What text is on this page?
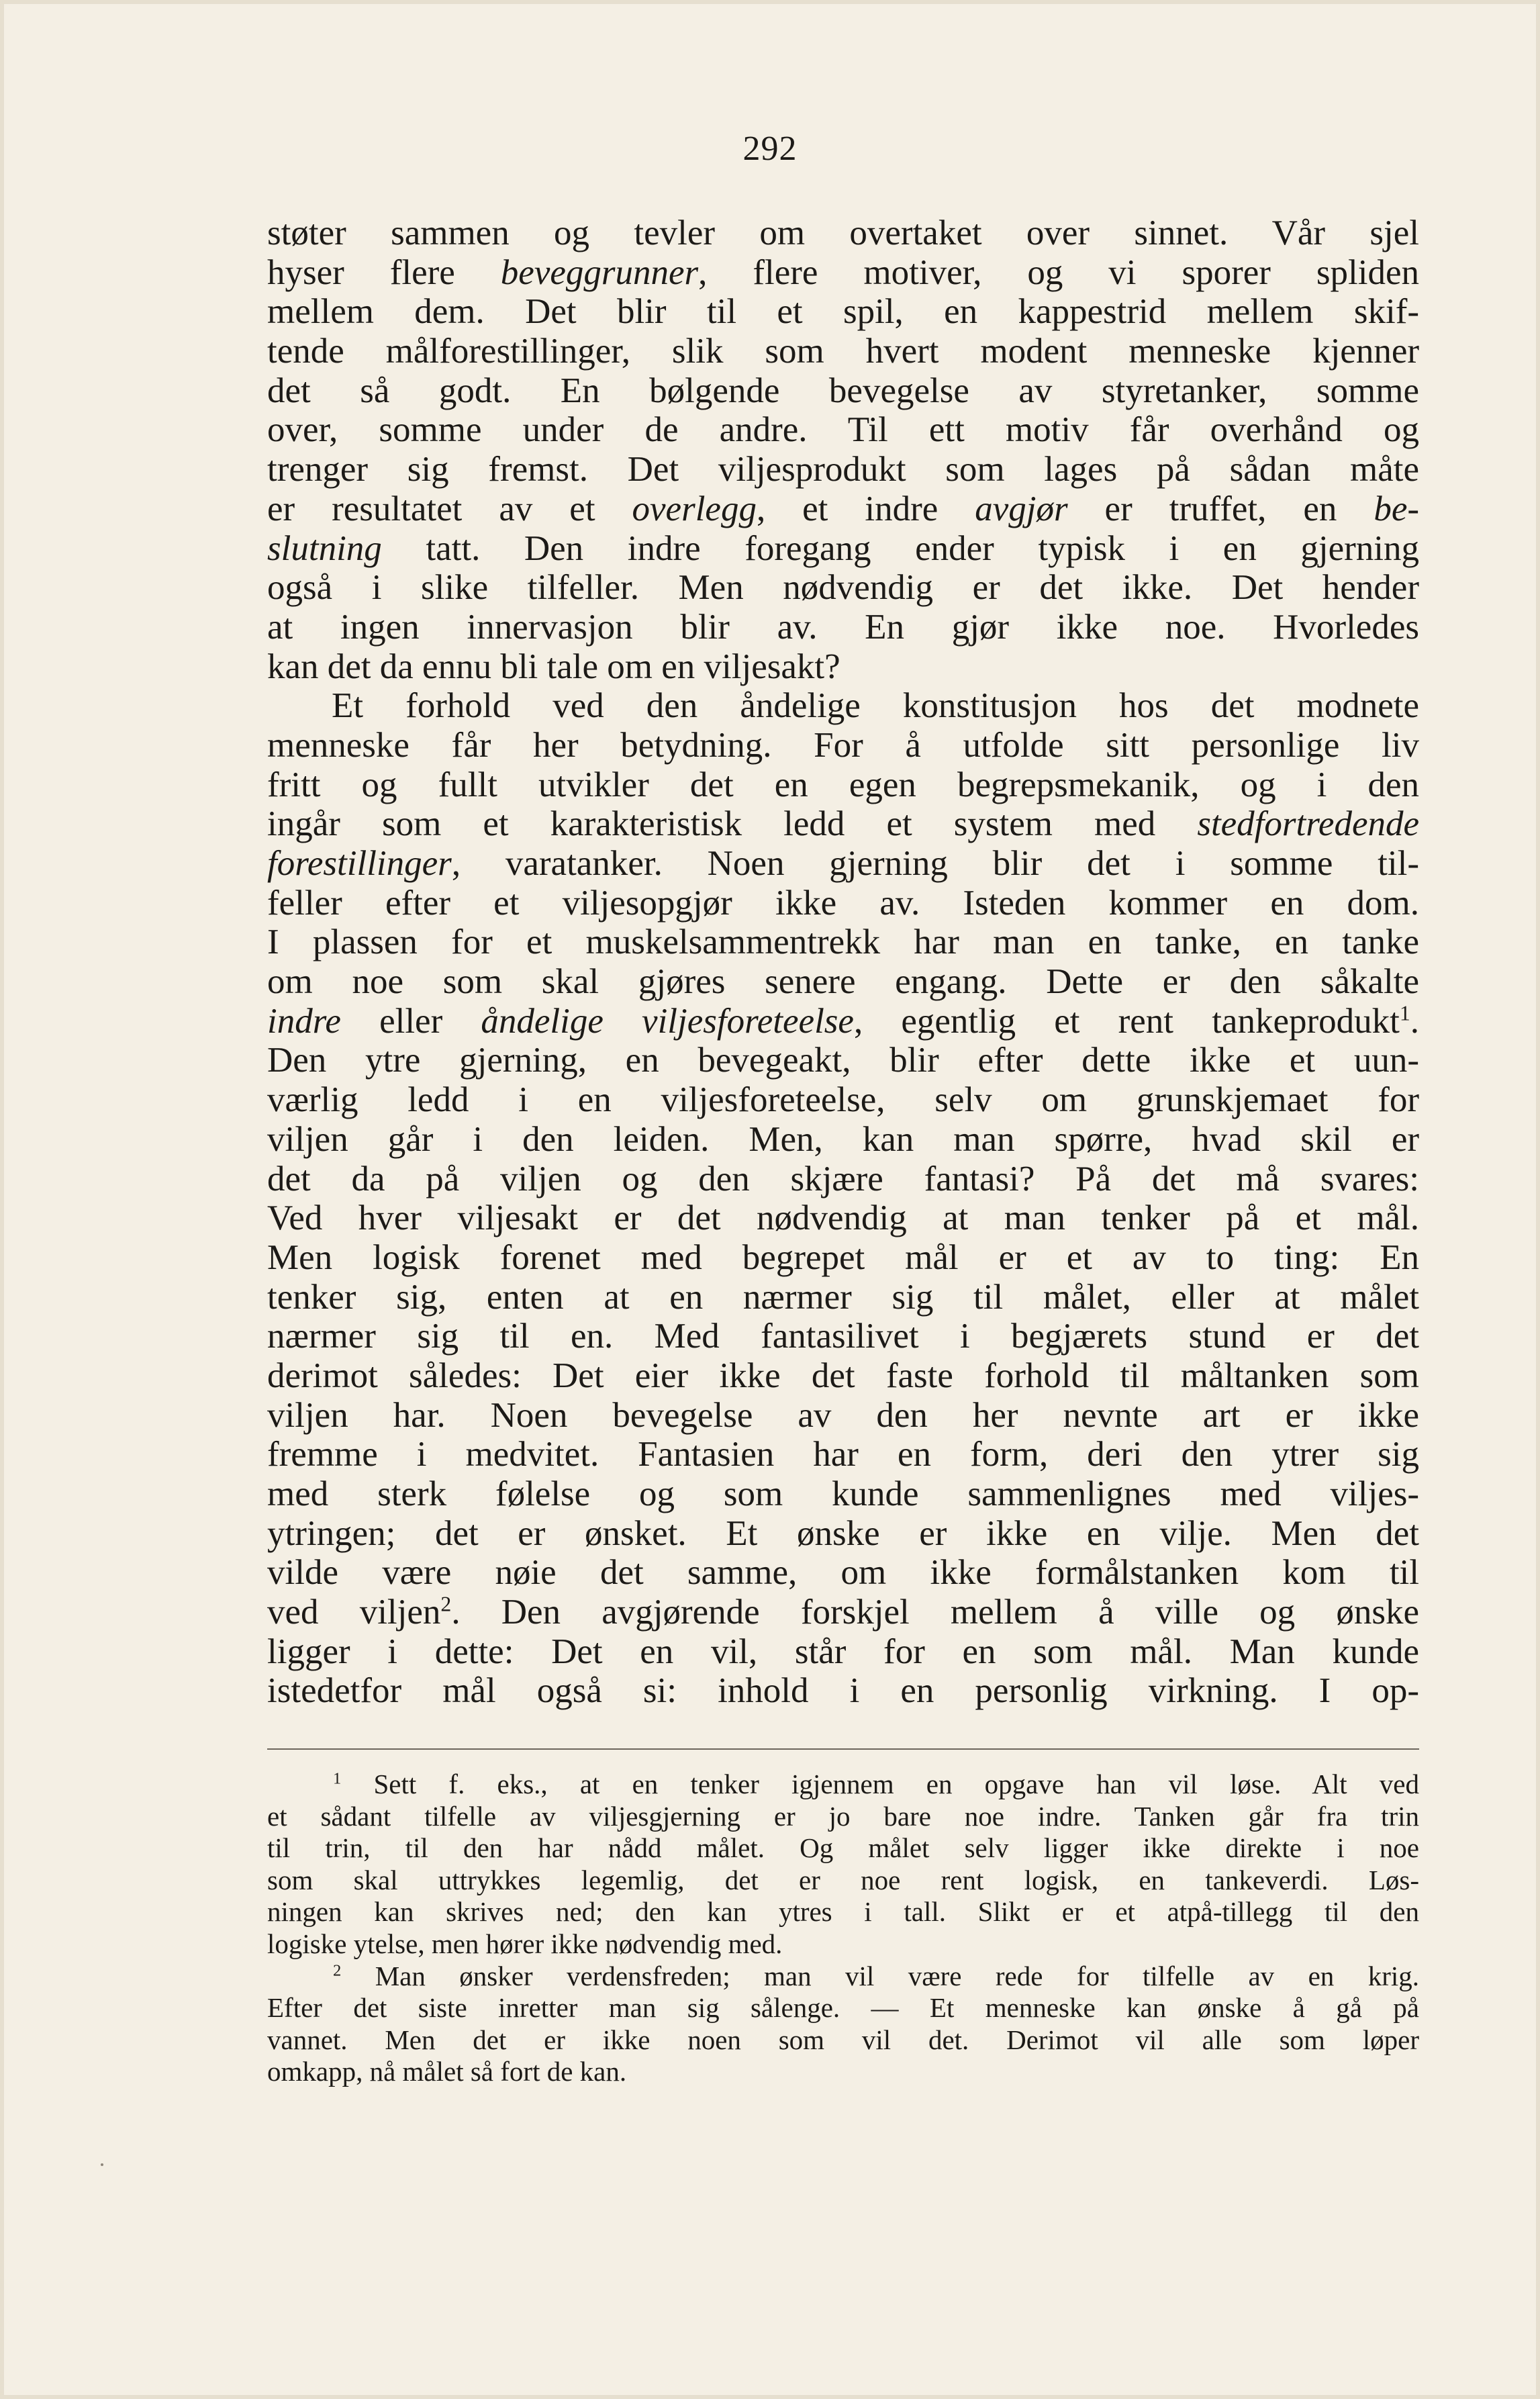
292
støter sammen og tevler om overtaket over sinnet. Vår sjel
hyser flere beveggrunner, flere motiver, og vi sporer spliden
mellem dem. Det blir til et spil, en kappestrid mellem skif-
tende målforestillinger, slik som hvert modent menneske kjenner
det så godt. En bølgende bevegelse av styretanker, somme
over, somme under de andre. Til ett motiv får overhånd og
trenger sig fremst. Det viljesprodukt som lages på sådan måte
er resultatet av et overlegg, et indre avgjør er truffet, en be-
slutning tatt. Den indre foregang ender typisk i en gjerning
også i slike tilfeller. Men nødvendig er det ikke. Det hender
at ingen innervasjon blir av. En gjør ikke noe. Hvorledes
kan det da ennu bli tale om en viljesakt?
Et forhold ved den åndelige konstitusjon hos det modnete
menneske får her betydning. For å utfolde sitt personlige liv
fritt og fullt utvikler det en egen begrepsmekanik, og i den
ingår som et karakteristisk ledd et system med stedfortredende
forestillinger, varatanker. Noen gjerning blir det i somme til-
feller efter et viljesopgjør ikke av. Isteden kommer en dom.
I plassen for et muskelsammentrekk har man en tanke, en tanke
om noe som skal gjøres senere engang. Dette er den såkalte
indre eller åndelige viljesforeteelse, egentlig et rent tankeprodukt$^1$.
Den ytre gjerning, en bevegeakt, blir efter dette ikke et uun-
værlig ledd i en viljesforeteelse, selv om grunskjemaet for
viljen går i den leiden. Men, kan man spørre, hvad skil er
det da på viljen og den skjære fantasi? På det må svares:
Ved hver viljesakt er det nødvendig at man tenker på et mål.
Men logisk forenet med begrepet mål er et av to ting: En
tenker sig, enten at en nærmer sig til målet, eller at målet
nærmer sig til en. Med fantasilivet i begjærets stund er det
derimot således: Det eier ikke det faste forhold til måltanken som
viljen har. Noen bevegelse av den her nevnte art er ikke
fremme i medvitet. Fantasien har en form, deri den ytrer sig
med sterk følelse og som kunde sammenlignes med viljes-
ytringen; det er ønsket. Et ønske er ikke en vilje. Men det
vilde være nøie det samme, om ikke formålstanken kom til
ved viljen$^2$. Den avgjørende forskjel mellem å ville og ønske
ligger i dette: Det en vil, står for en som mål. Man kunde
istedetfor mål også si: inhold i en personlig virkning. I op-
$^1$ Sett f. eks., at en tenker igjennem en opgave han vil løse. Alt ved
et sådant tilfelle av viljesgjerning er jo bare noe indre. Tanken går fra trin
til trin, til den har nådd målet. Og målet selv ligger ikke direkte i noe
som skal uttrykkes legemlig, det er noe rent logisk, en tankeverdi. Løs-
ningen kan skrives ned; den kan ytres i tall. Slikt er et atpå-tillegg til den
logiske ytelse, men hører ikke nødvendig med.
$^2$ Man ønsker verdensfreden; man vil være rede for tilfelle av en krig.
Efter det siste inretter man sig sålenge. — Et menneske kan ønske å gå på
vannet. Men det er ikke noen som vil det. Derimot vil alle som løper
omkapp, nå målet så fort de kan.
